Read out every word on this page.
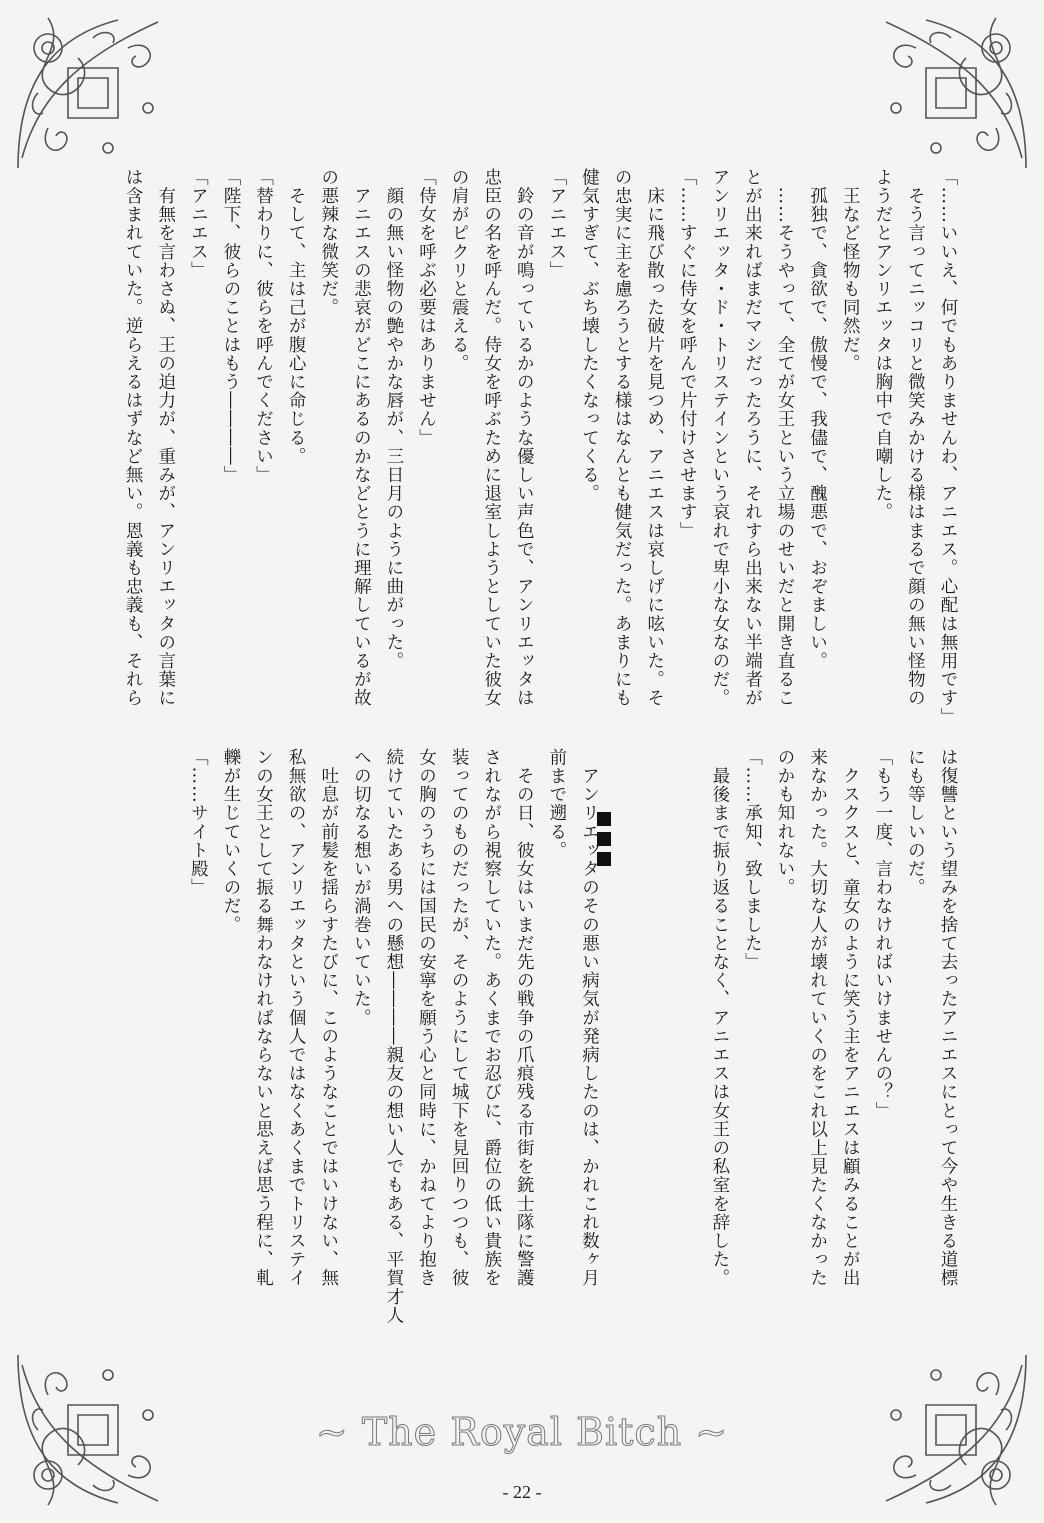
「……いいえ、何でもありませんわ、アニエス。心配は無用です」
　そう言ってニッコリと微笑みかける様はまるで顔の無い怪物の
ようだとアンリエッタは胸中で自嘲した。
　王など怪物も同然だ。
　孤独で、貪欲で、傲慢で、我儘で、醜悪で、おぞましい。
　……そうやって、全てが女王という立場のせいだと開き直るこ
とが出来ればまだマシだったろうに、それすら出来ない半端者が
アンリエッタ・ド・トリステインという哀れで卑小な女なのだ。
「……すぐに侍女を呼んで片付けさせます」
　床に飛び散った破片を見つめ、アニエスは哀しげに呟いた。そ
の忠実に主を慮ろうとする様はなんとも健気だった。あまりにも
健気すぎて、ぶち壊したくなってくる。
「アニエス」
　鈴の音が鳴っているかのような優しい声色で、アンリエッタは
忠臣の名を呼んだ。侍女を呼ぶために退室しようとしていた彼女
の肩がピクリと震える。
「侍女を呼ぶ必要はありません」
　顔の無い怪物の艶やかな唇が、三日月のように曲がった。
　アニエスの悲哀がどこにあるのかなどとうに理解しているが故
の悪辣な微笑だ。
　そして、主は己が腹心に命じる。
「替わりに、彼らを呼んでください」
「陛下、彼らのことはもう――――」
「アニエス」
　有無を言わさぬ、王の迫力が、重みが、アンリエッタの言葉に
は含まれていた。逆らえるはずなど無い。恩義も忠義も、それら
は復讐という望みを捨て去ったアニエスにとって今や生きる道標
にも等しいのだ。
「もう一度、言わなければいけませんの？」
　クスクスと、童女のように笑う主をアニエスは顧みることが出
来なかった。大切な人が壊れていくのをこれ以上見たくなかった
のかも知れない。
「……承知、致しました」
　最後まで振り返ることなく、アニエスは女王の私室を辞した。

　アンリエッタのその悪い病気が発病したのは、かれこれ数ヶ月
前まで遡る。
　その日、彼女はいまだ先の戦争の爪痕残る市街を銃士隊に警護
されながら視察していた。あくまでお忍びに、爵位の低い貴族を
装ってのものだったが、そのようにして城下を見回りつつも、彼
女の胸のうちには国民の安寧を願う心と同時に、かねてより抱き
続けていたある男への懸想――――親友の想い人でもある、平賀才人
への切なる想いが渦巻いていた。
　吐息が前髪を揺らすたびに、このようなことではいけない、無
私無欲の、アンリエッタという個人ではなくあくまでトリステイ
ンの女王として振る舞わなければならないと思えば思う程に、軋
轢が生じていくのだ。
「……サイト殿」
~ The Royal Bitch ~
- 22 -
